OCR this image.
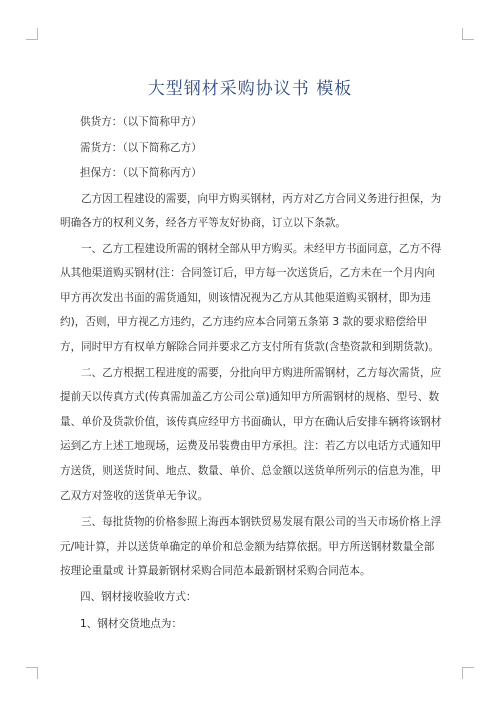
大型钢材采购协议书 模板

供货方：（以下简称甲方）

需货方：（以下简称乙方）

担保方：（以下简称丙方）

乙方因工程建设的需要，向甲方购买钢材，丙方对乙方合同义务进行担保，为明确各方的权利义务，经各方平等友好协商，订立以下条款。

一、乙方工程建设所需的钢材全部从甲方购买。未经甲方书面同意，乙方不得从其他渠道购买钢材(注：合同签订后，甲方每一次送货后，乙方未在一个月内向甲方再次发出书面的需货通知，则该情况视为乙方从其他渠道购买钢材，即为违约)，否则，甲方视乙方违约，乙方违约应本合同第五条第 3 款的要求赔偿给甲方，同时甲方有权单方解除合同并要求乙方支付所有货款(含垫资款和到期货款)。

二、乙方根据工程进度的需要，分批向甲方购进所需钢材，乙方每次需货，应提前天以传真方式(传真需加盖乙方公司公章)通知甲方所需钢材的规格、型号、数量、单价及货款价值，该传真应经甲方书面确认，甲方在确认后安排车辆将该钢材运到乙方上述工地现场，运费及吊装费由甲方承担。注：若乙方以电话方式通知甲方送货，则送货时间、地点、数量、单价、总金额以送货单所列示的信息为准，甲乙双方对签收的送货单无争议。

三、每批货物的价格参照上海西本钢铁贸易发展有限公司的当天市场价格上浮元/吨计算，并以送货单确定的单价和总金额为结算依据。甲方所送钢材数量全部按理论重量或 计算最新钢材采购合同范本最新钢材采购合同范本。

四、钢材接收验收方式：

1、钢材交货地点为：
